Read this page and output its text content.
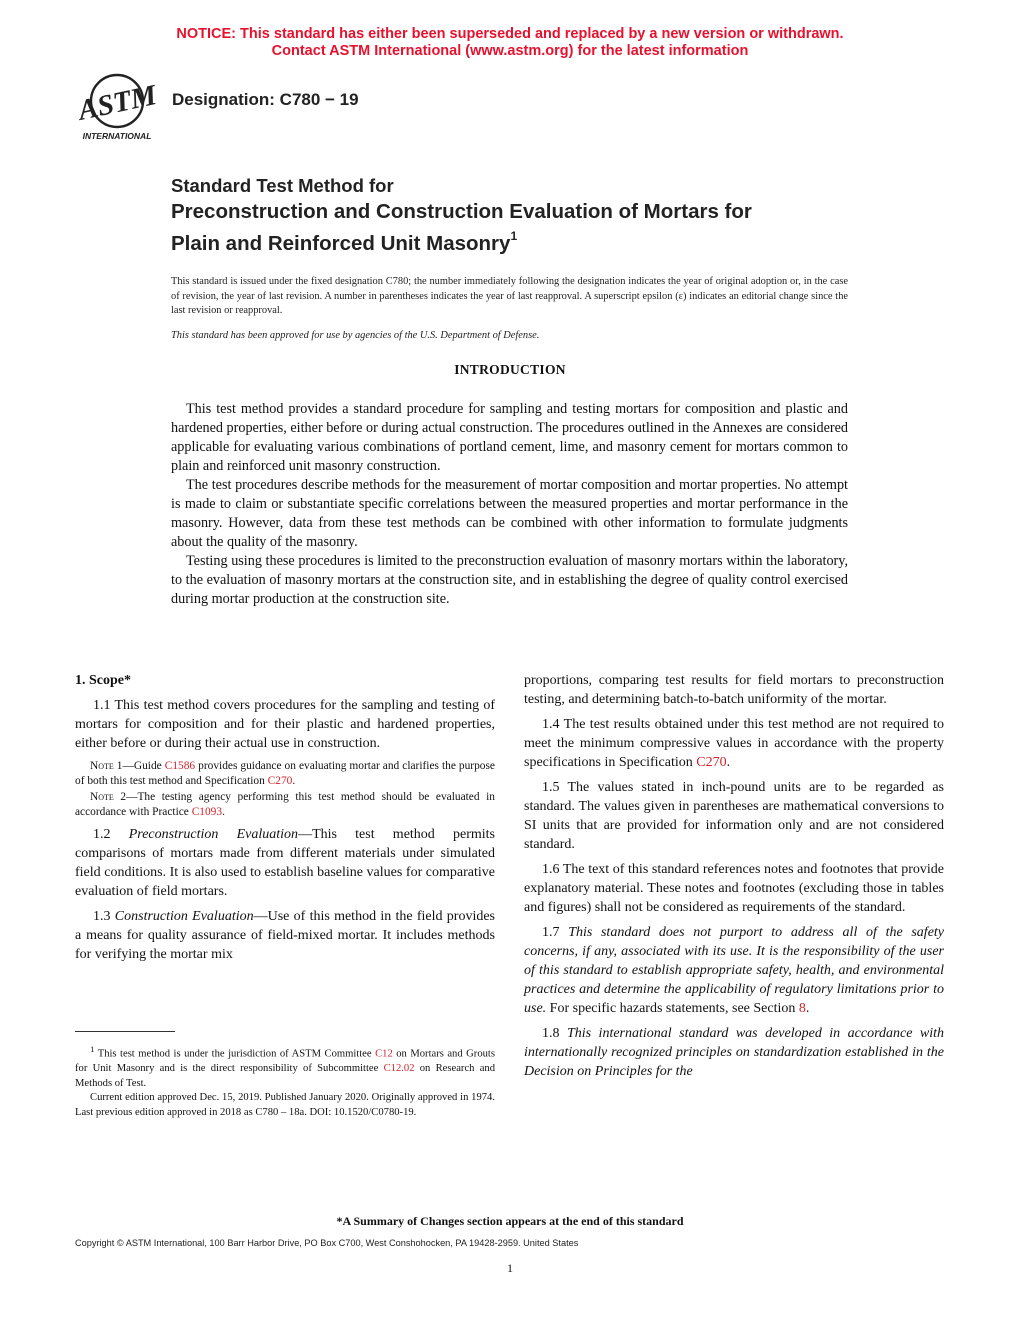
NOTICE: This standard has either been superseded and replaced by a new version or withdrawn.
Contact ASTM International (www.astm.org) for the latest information
ASTM
INTERNATIONAL
Designation: C780 − 19
Standard Test Method for
Preconstruction and Construction Evaluation of Mortars for
Plain and Reinforced Unit Masonry$^1$
This standard is issued under the fixed designation C780; the number immediately following the designation indicates the year of original adoption or, in the case of revision, the year of last revision. A number in parentheses indicates the year of last reapproval. A superscript epsilon (ε) indicates an editorial change since the last revision or reapproval.
This standard has been approved for use by agencies of the U.S. Department of Defense.
INTRODUCTION

This test method provides a standard procedure for sampling and testing mortars for composition and plastic and hardened properties, either before or during actual construction. The procedures outlined in the Annexes are considered applicable for evaluating various combinations of portland cement, lime, and masonry cement for mortars common to plain and reinforced unit masonry construction.

The test procedures describe methods for the measurement of mortar composition and mortar properties. No attempt is made to claim or substantiate specific correlations between the measured properties and mortar performance in the masonry. However, data from these test methods can be combined with other information to formulate judgments about the quality of the masonry.

Testing using these procedures is limited to the preconstruction evaluation of masonry mortars within the laboratory, to the evaluation of masonry mortars at the construction site, and in establishing the degree of quality control exercised during mortar production at the construction site.

1. Scope*

1.1 This test method covers procedures for the sampling and testing of mortars for composition and for their plastic and hardened properties, either before or during their actual use in construction.

Note 1—Guide C1586 provides guidance on evaluating mortar and clarifies the purpose of both this test method and Specification C270.

Note 2—The testing agency performing this test method should be evaluated in accordance with Practice C1093.

1.2 Preconstruction Evaluation—This test method permits comparisons of mortars made from different materials under simulated field conditions. It is also used to establish baseline values for comparative evaluation of field mortars.

1.3 Construction Evaluation—Use of this method in the field provides a means for quality assurance of field-mixed mortar. It includes methods for verifying the mortar mix

$^1$ This test method is under the jurisdiction of ASTM Committee C12 on Mortars and Grouts for Unit Masonry and is the direct responsibility of Subcommittee C12.02 on Research and Methods of Test.

Current edition approved Dec. 15, 2019. Published January 2020. Originally approved in 1974. Last previous edition approved in 2018 as C780 – 18a. DOI: 10.1520/C0780-19.

proportions, comparing test results for field mortars to preconstruction testing, and determining batch-to-batch uniformity of the mortar.

1.4 The test results obtained under this test method are not required to meet the minimum compressive values in accordance with the property specifications in Specification C270.

1.5 The values stated in inch-pound units are to be regarded as standard. The values given in parentheses are mathematical conversions to SI units that are provided for information only and are not considered standard.

1.6 The text of this standard references notes and footnotes that provide explanatory material. These notes and footnotes (excluding those in tables and figures) shall not be considered as requirements of the standard.

1.7 This standard does not purport to address all of the safety concerns, if any, associated with its use. It is the responsibility of the user of this standard to establish appropriate safety, health, and environmental practices and determine the applicability of regulatory limitations prior to use. For specific hazards statements, see Section 8.

1.8 This international standard was developed in accordance with internationally recognized principles on standardization established in the Decision on Principles for the

*A Summary of Changes section appears at the end of this standard
Copyright © ASTM International, 100 Barr Harbor Drive, PO Box C700, West Conshohocken, PA 19428-2959. United States
1
